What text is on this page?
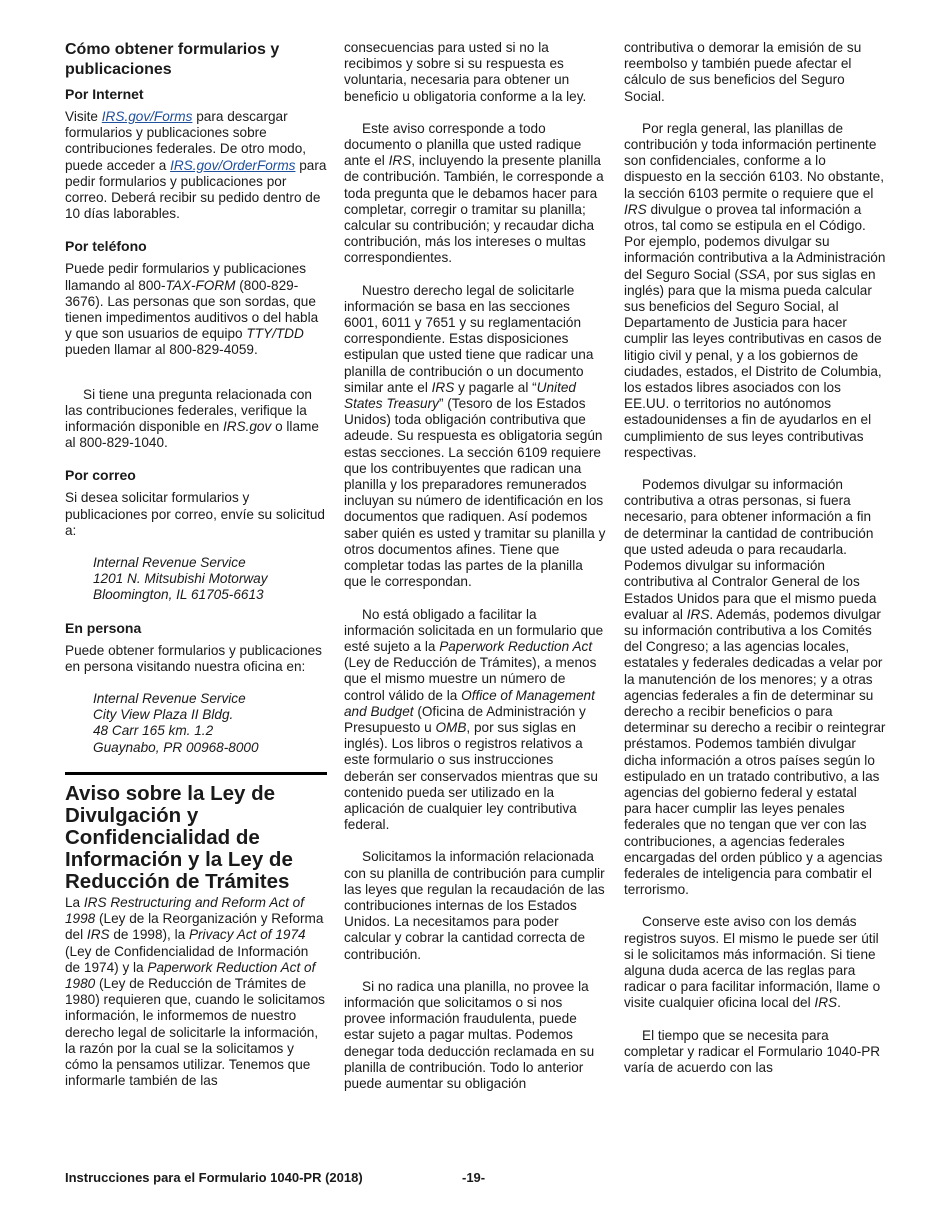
Cómo obtener formularios y publicaciones
Por Internet

Visite IRS.gov/Forms para descargar formularios y publicaciones sobre contribuciones federales. De otro modo, puede acceder a IRS.gov/OrderForms para pedir formularios y publicaciones por correo. Deberá recibir su pedido dentro de 10 días laborables.

Por teléfono

Puede pedir formularios y publicaciones llamando al 800-TAX-FORM (800-829-3676). Las personas que son sordas, que tienen impedimentos auditivos o del habla y que son usuarios de equipo TTY/TDD pueden llamar al 800-829-4059.

Si tiene una pregunta relacionada con las contribuciones federales, verifique la información disponible en IRS.gov o llame al 800-829-1040.

Por correo

Si desea solicitar formularios y publicaciones por correo, envíe su solicitud a:

Internal Revenue Service
1201 N. Mitsubishi Motorway
Bloomington, IL 61705-6613
En persona

Puede obtener formularios y publicaciones en persona visitando nuestra oficina en:

Internal Revenue Service
City View Plaza II Bldg.
48 Carr 165 km. 1.2
Guaynabo, PR 00968-8000
Aviso sobre la Ley de Divulgación y Confidencialidad de Información y la Ley de Reducción de Trámites

La IRS Restructuring and Reform Act of 1998 (Ley de la Reorganización y Reforma del IRS de 1998), la Privacy Act of 1974 (Ley de Confidencialidad de Información de 1974) y la Paperwork Reduction Act of 1980 (Ley de Reducción de Trámites de 1980) requieren que, cuando le solicitamos información, le informemos de nuestro derecho legal de solicitarle la información, la razón por la cual se la solicitamos y cómo la pensamos utilizar. Tenemos que informarle también de las

consecuencias para usted si no la recibimos y sobre si su respuesta es voluntaria, necesaria para obtener un beneficio u obligatoria conforme a la ley.

Este aviso corresponde a todo documento o planilla que usted radique ante el IRS, incluyendo la presente planilla de contribución. También, le corresponde a toda pregunta que le debamos hacer para completar, corregir o tramitar su planilla; calcular su contribución; y recaudar dicha contribución, más los intereses o multas correspondientes.

Nuestro derecho legal de solicitarle información se basa en las secciones 6001, 6011 y 7651 y su reglamentación correspondiente. Estas disposiciones estipulan que usted tiene que radicar una planilla de contribución o un documento similar ante el IRS y pagarle al “United States Treasury” (Tesoro de los Estados Unidos) toda obligación contributiva que adeude. Su respuesta es obligatoria según estas secciones. La sección 6109 requiere que los contribuyentes que radican una planilla y los preparadores remunerados incluyan su número de identificación en los documentos que radiquen. Así podemos saber quién es usted y tramitar su planilla y otros documentos afines. Tiene que completar todas las partes de la planilla que le correspondan.

No está obligado a facilitar la información solicitada en un formulario que esté sujeto a la Paperwork Reduction Act (Ley de Reducción de Trámites), a menos que el mismo muestre un número de control válido de la Office of Management and Budget (Oficina de Administración y Presupuesto u OMB, por sus siglas en inglés). Los libros o registros relativos a este formulario o sus instrucciones deberán ser conservados mientras que su contenido pueda ser utilizado en la aplicación de cualquier ley contributiva federal.

Solicitamos la información relacionada con su planilla de contribución para cumplir las leyes que regulan la recaudación de las contribuciones internas de los Estados Unidos. La necesitamos para poder calcular y cobrar la cantidad correcta de contribución.

Si no radica una planilla, no provee la información que solicitamos o si nos provee información fraudulenta, puede estar sujeto a pagar multas. Podemos denegar toda deducción reclamada en su planilla de contribución. Todo lo anterior puede aumentar su obligación

contributiva o demorar la emisión de su reembolso y también puede afectar el cálculo de sus beneficios del Seguro Social.

Por regla general, las planillas de contribución y toda información pertinente son confidenciales, conforme a lo dispuesto en la sección 6103. No obstante, la sección 6103 permite o requiere que el IRS divulgue o provea tal información a otros, tal como se estipula en el Código. Por ejemplo, podemos divulgar su información contributiva a la Administración del Seguro Social (SSA, por sus siglas en inglés) para que la misma pueda calcular sus beneficios del Seguro Social, al Departamento de Justicia para hacer cumplir las leyes contributivas en casos de litigio civil y penal, y a los gobiernos de ciudades, estados, el Distrito de Columbia, los estados libres asociados con los EE.UU. o territorios no autónomos estadounidenses a fin de ayudarlos en el cumplimiento de sus leyes contributivas respectivas.

Podemos divulgar su información contributiva a otras personas, si fuera necesario, para obtener información a fin de determinar la cantidad de contribución que usted adeuda o para recaudarla. Podemos divulgar su información contributiva al Contralor General de los Estados Unidos para que el mismo pueda evaluar al IRS. Además, podemos divulgar su información contributiva a los Comités del Congreso; a las agencias locales, estatales y federales dedicadas a velar por la manutención de los menores; y a otras agencias federales a fin de determinar su derecho a recibir beneficios o para determinar su derecho a recibir o reintegrar préstamos. Podemos también divulgar dicha información a otros países según lo estipulado en un tratado contributivo, a las agencias del gobierno federal y estatal para hacer cumplir las leyes penales federales que no tengan que ver con las contribuciones, a agencias federales encargadas del orden público y a agencias federales de inteligencia para combatir el terrorismo.

Conserve este aviso con los demás registros suyos. El mismo le puede ser útil si le solicitamos más información. Si tiene alguna duda acerca de las reglas para radicar o para facilitar información, llame o visite cualquier oficina local del IRS.

El tiempo que se necesita para completar y radicar el Formulario 1040-PR varía de acuerdo con las

Instrucciones para el Formulario 1040-PR (2018)	-19-
